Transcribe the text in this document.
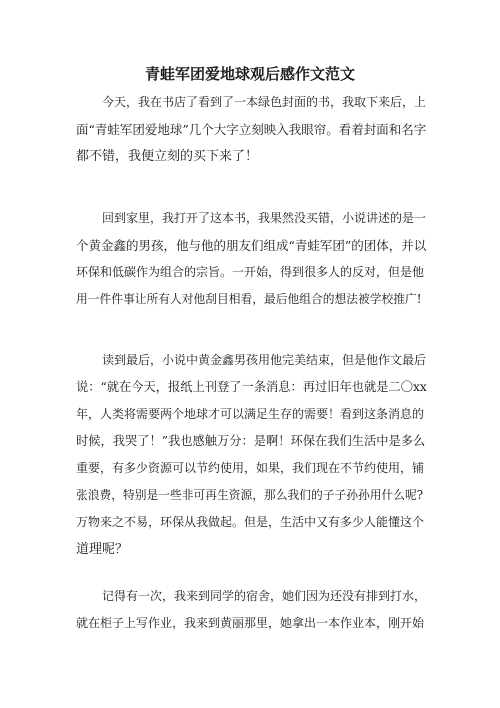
青蛙军团爱地球观后感作文范文
今天，我在书店了看到了一本绿色封面的书，我取下来后，上
面“青蛙军团爱地球”几个大字立刻映入我眼帘。看着封面和名字
都不错，我便立刻的买下来了！
回到家里，我打开了这本书，我果然没买错，小说讲述的是一
个黄金鑫的男孩，他与他的朋友们组成“青蛙军团”的团体，并以
环保和低碳作为组合的宗旨。一开始，得到很多人的反对，但是他
用一件件事让所有人对他刮目相看，最后他组合的想法被学校推广!
读到最后，小说中黄金鑫男孩用他完美结束，但是他作文最后
说：“就在今天，报纸上刊登了一条消息：再过旧年也就是二〇xx
年，人类将需要两个地球才可以满足生存的需要！看到这条消息的
时候，我哭了！”我也感触万分：是啊！环保在我们生活中是多么
重要，有多少资源可以节约使用，如果，我们现在不节约使用，铺
张浪费，特别是一些非可再生资源，那么我们的子子孙孙用什么呢?
万物来之不易，环保从我做起。但是，生活中又有多少人能懂这个
道理呢？
记得有一次，我来到同学的宿舍，她们因为还没有排到打水，
就在柜子上写作业，我来到黄丽那里，她拿出一本作业本，刚开始
